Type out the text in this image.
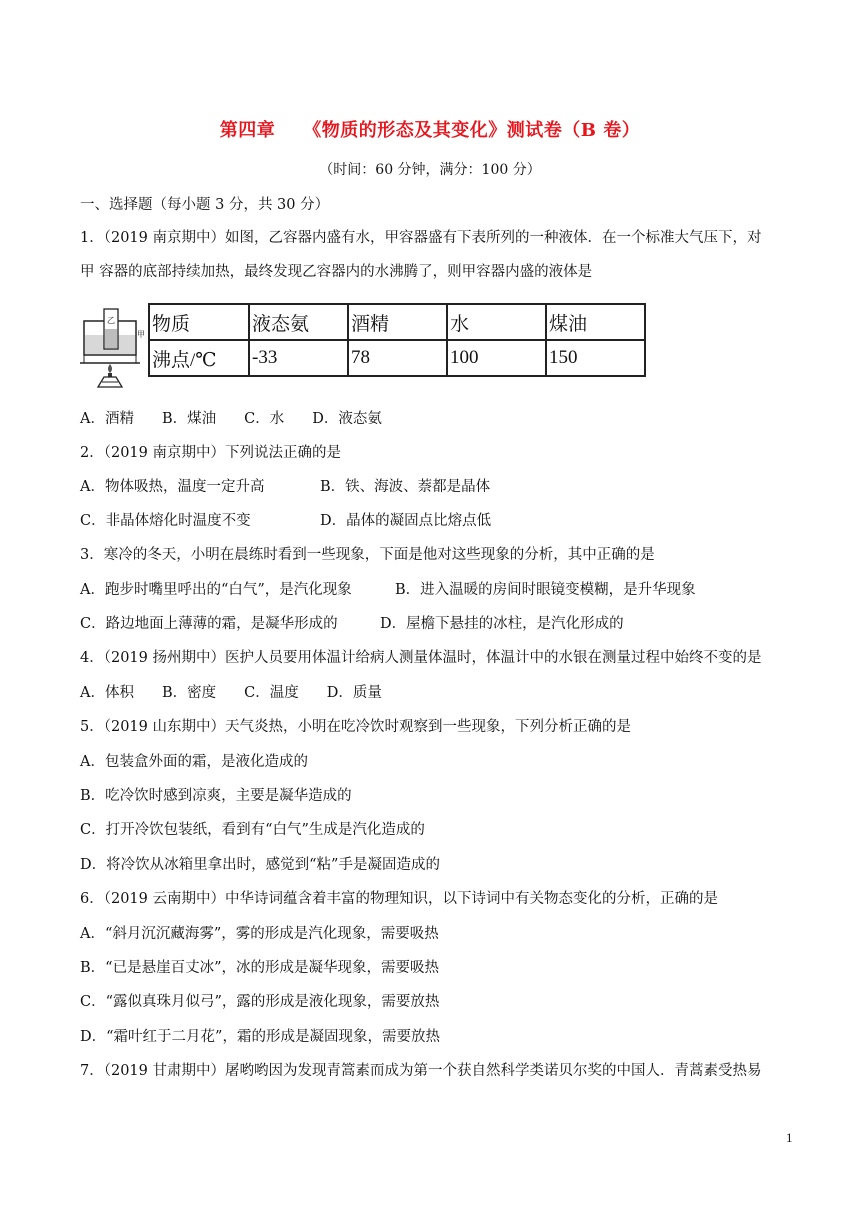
第四章 《物质的形态及其变化》测试卷（B 卷）
（时间：60 分钟，满分：100 分）
一、选择题（每小题 3 分，共 30 分）
1．（2019 南京期中）如图，乙容器内盛有水，甲容器盛有下表所列的一种液体．在一个标准大气压下，对
甲 容器的底部持续加热，最终发现乙容器内的水沸腾了，则甲容器内盛的液体是
乙
甲 物质	液态氨	酒精	水	煤油
沸点/℃	-33	78	100	150
A．酒精 B．煤油 C．水 D．液态氨
2．（2019 南京期中）下列说法正确的是
A．物体吸热，温度一定升高	B．铁、海波、萘都是晶体
C．非晶体熔化时温度不变	D．晶体的凝固点比熔点低
3．寒冷的冬天，小明在晨练时看到一些现象，下面是他对这些现象的分析，其中正确的是
A．跑步时嘴里呼出的“白气”，是汽化现象	B．进入温暖的房间时眼镜变模糊，是升华现象
C．路边地面上薄薄的霜，是凝华形成的	D．屋檐下悬挂的冰柱，是汽化形成的
4．（2019 扬州期中）医护人员要用体温计给病人测量体温时，体温计中的水银在测量过程中始终不变的是
A．体积 B．密度 C．温度 D．质量
5．（2019 山东期中）天气炎热，小明在吃冷饮时观察到一些现象，下列分析正确的是
A．包装盒外面的霜，是液化造成的
B．吃冷饮时感到凉爽，主要是凝华造成的
C．打开冷饮包装纸，看到有“白气”生成是汽化造成的
D．将冷饮从冰箱里拿出时，感觉到“粘”手是凝固造成的
6．（2019 云南期中）中华诗词蕴含着丰富的物理知识，以下诗词中有关物态变化的分析，正确的是
A．“斜月沉沉藏海雾”，雾的形成是汽化现象，需要吸热
B．“已是悬崖百丈冰”，冰的形成是凝华现象，需要吸热
C．“露似真珠月似弓”，露的形成是液化现象，需要放热
D．“霜叶红于二月花”，霜的形成是凝固现象，需要放热
7．（2019 甘肃期中）屠哟哟因为发现青篙素而成为第一个获自然科学类诺贝尔奖的中国人．青蒿素受热易
1
